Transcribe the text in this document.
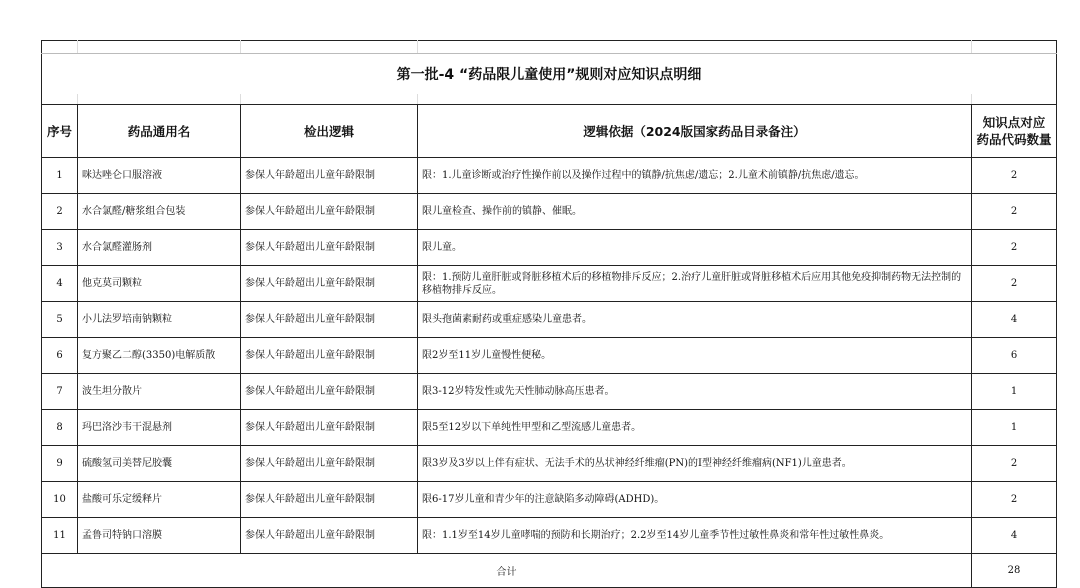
第一批-4 “药品限儿童使用”规则对应知识点明细				

序号	药品通用名	检出逻辑	逻辑依据（2024版国家药品目录备注）	知识点对应
药品代码数量

1	咪达唑仑口服溶液	参保人年龄超出儿童年龄限制	限：1.儿童诊断或治疗性操作前以及操作过程中的镇静/抗焦虑/遗忘；2.儿童术前镇静/抗焦虑/遗忘。	2
2	水合氯醛/糖浆组合包装	参保人年龄超出儿童年龄限制	限儿童检查、操作前的镇静、催眠。	2
3	水合氯醛灌肠剂	参保人年龄超出儿童年龄限制	限儿童。	2
4	他克莫司颗粒	参保人年龄超出儿童年龄限制	限：1.预防儿童肝脏或肾脏移植术后的移植物排斥反应；2.治疗儿童肝脏或肾脏移植术后应用其他免疫抑制药物无法控制的移植物排斥反应。	2
5	小儿法罗培南钠颗粒	参保人年龄超出儿童年龄限制	限头孢菌素耐药或重症感染儿童患者。	4
6	复方聚乙二醇(3350)电解质散	参保人年龄超出儿童年龄限制	限2岁至11岁儿童慢性便秘。	6
7	波生坦分散片	参保人年龄超出儿童年龄限制	限3-12岁特发性或先天性肺动脉高压患者。	1
8	玛巴洛沙韦干混悬剂	参保人年龄超出儿童年龄限制	限5至12岁以下单纯性甲型和乙型流感儿童患者。	1
9	硫酸氢司美替尼胶囊	参保人年龄超出儿童年龄限制	限3岁及3岁以上伴有症状、无法手术的丛状神经纤维瘤(PN)的I型神经纤维瘤病(NF1)儿童患者。	2
10	盐酸可乐定缓释片	参保人年龄超出儿童年龄限制	限6-17岁儿童和青少年的注意缺陷多动障碍(ADHD)。	2
11	孟鲁司特钠口溶膜	参保人年龄超出儿童年龄限制	限：1.1岁至14岁儿童哮喘的预防和长期治疗；2.2岁至14岁儿童季节性过敏性鼻炎和常年性过敏性鼻炎。	4
合计				28
